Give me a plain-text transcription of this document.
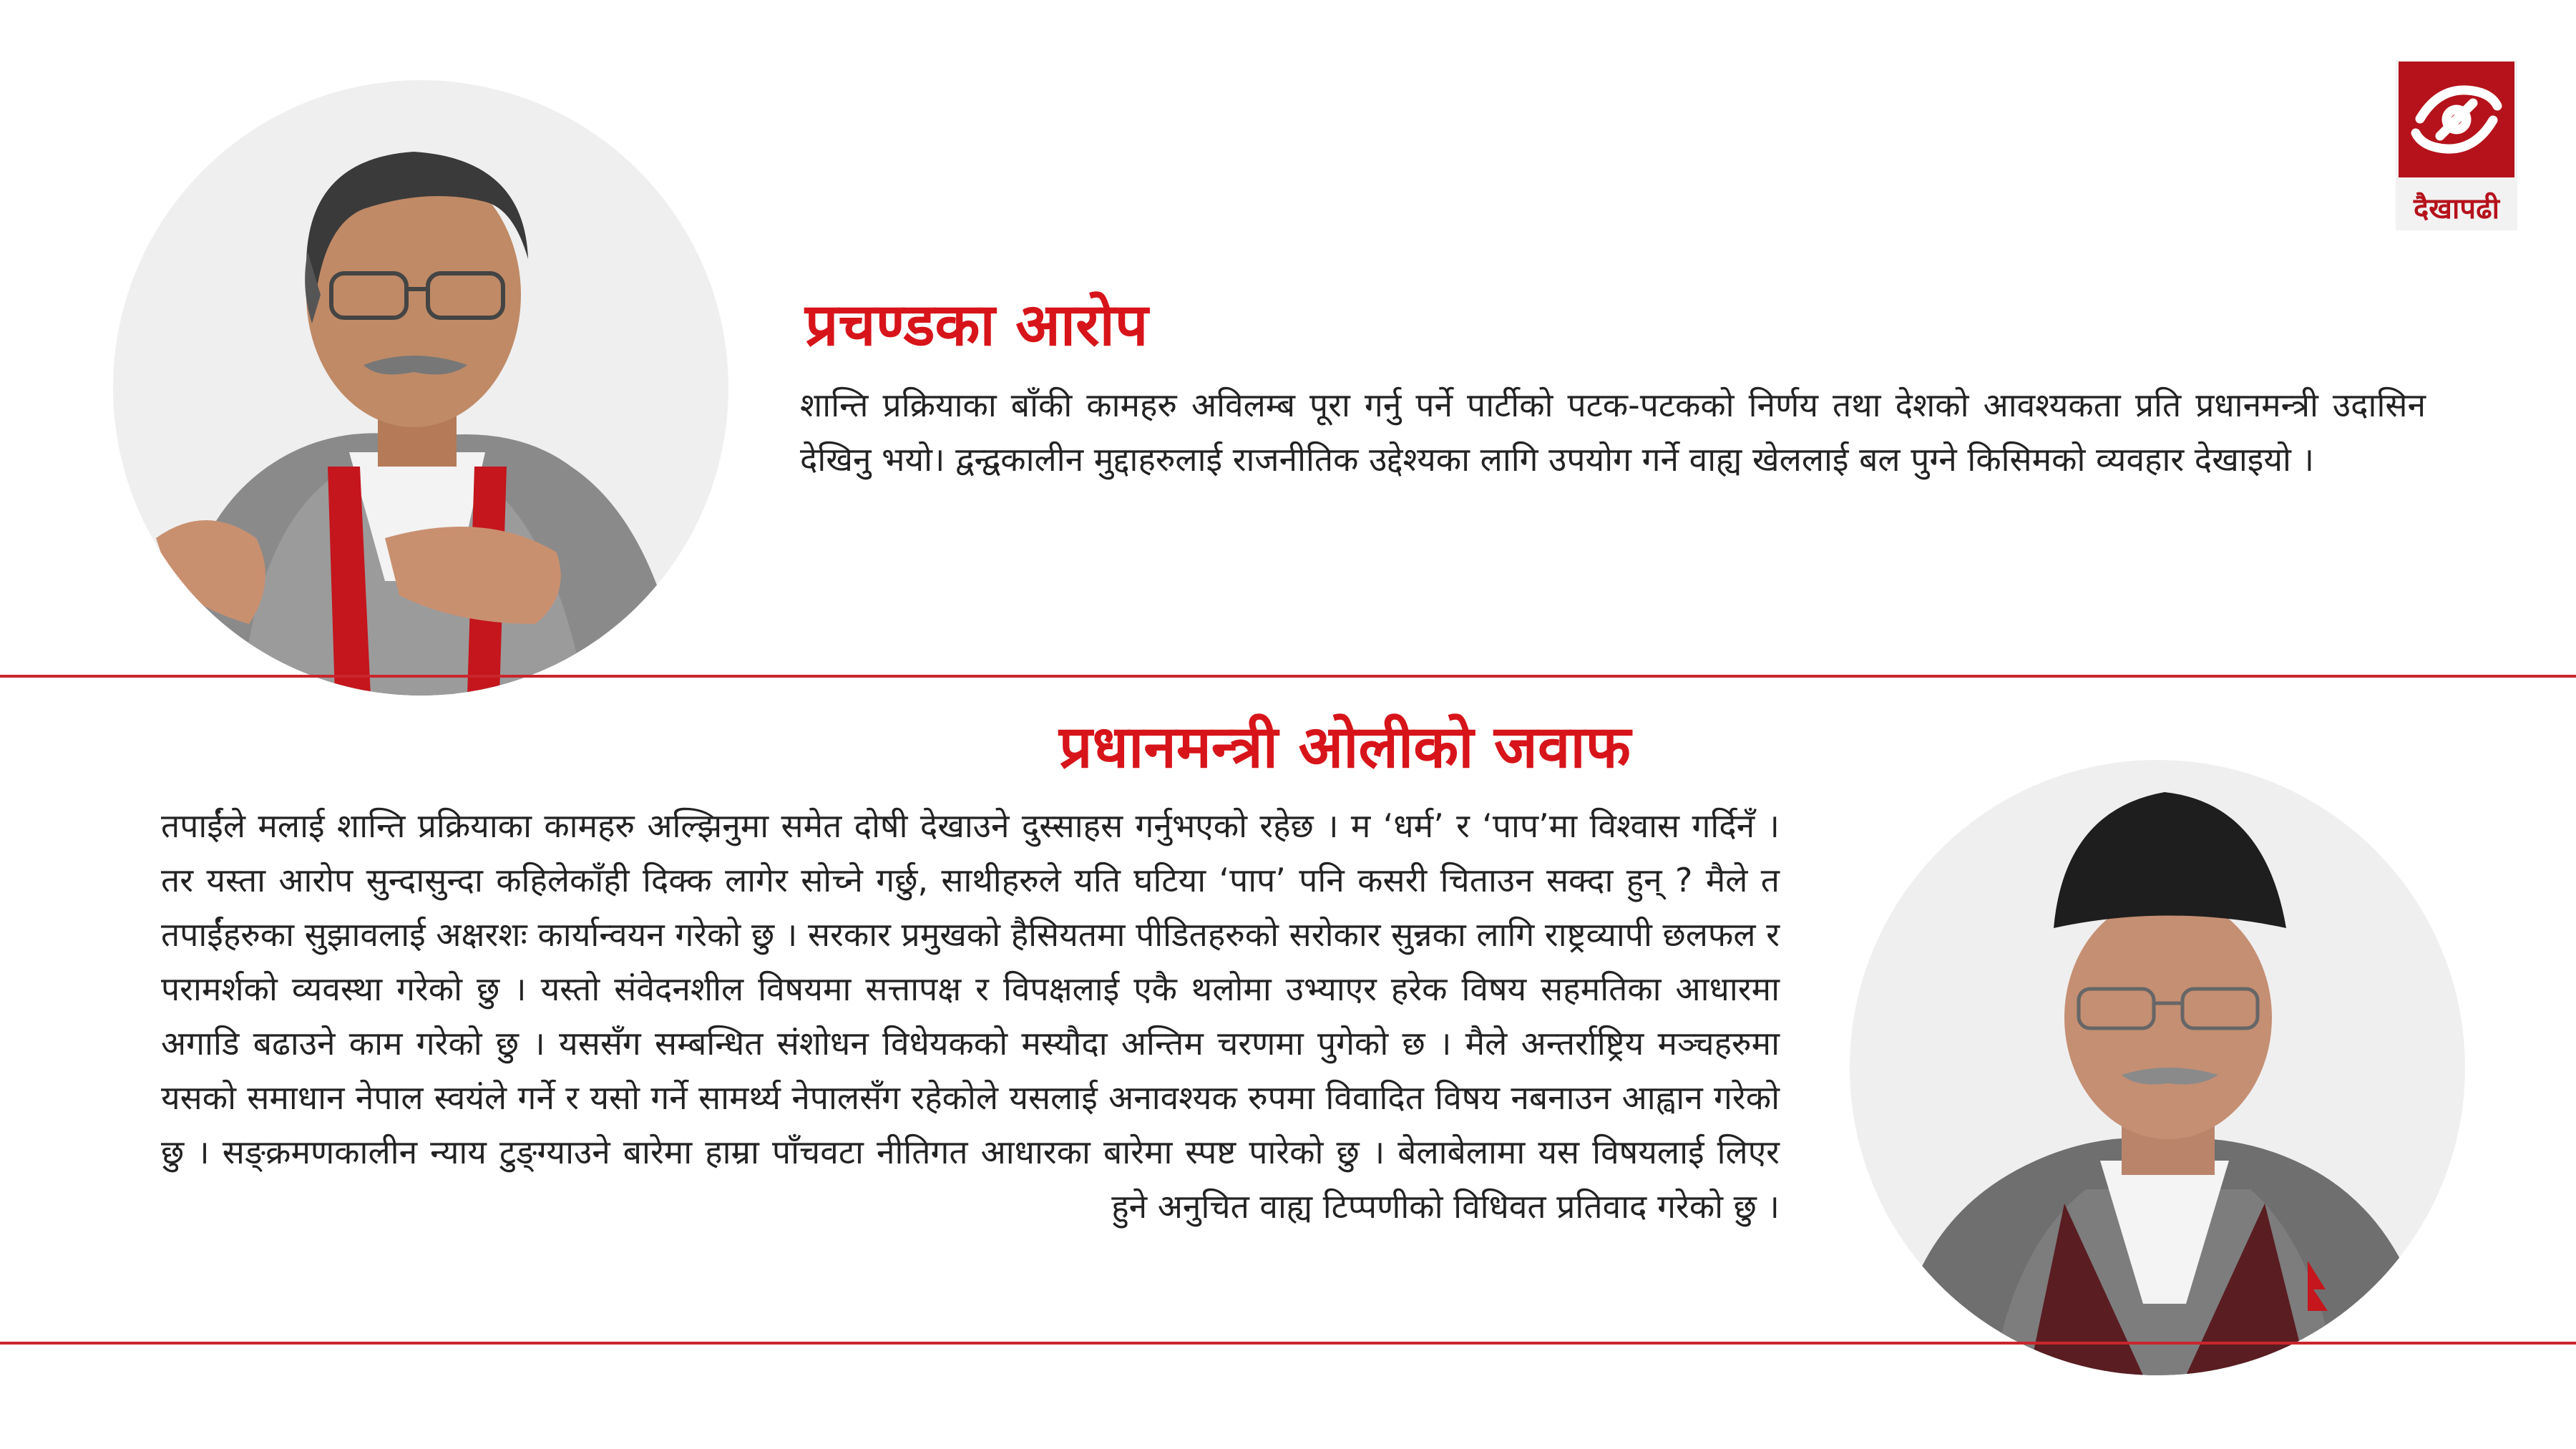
दैखापढी
प्रचण्डका आरोप
शान्ति प्रक्रियाका बाँकी कामहरु अविलम्ब पूरा गर्नु पर्ने पार्टीको पटक-पटकको निर्णय तथा देशको आवश्यकता प्रति प्रधानमन्त्री उदासिन देखिनु भयो। द्वन्द्वकालीन मुद्दाहरुलाई राजनीतिक उद्देश्यका लागि उपयोग गर्ने वाह्य खेललाई बल पुग्ने किसिमको व्यवहार देखाइयो ।
प्रधानमन्त्री ओलीको जवाफ
तपाईंले मलाई शान्ति प्रक्रियाका कामहरु अल्झिनुमा समेत दोषी देखाउने दुस्साहस गर्नुभएको रहेछ । म ‘धर्म’ र ‘पाप’मा विश्वास गर्दिनँ । तर यस्ता आरोप सुन्दासुन्दा कहिलेकाँही दिक्क लागेर सोच्ने गर्छु, साथीहरुले यति घटिया ‘पाप’ पनि कसरी चिताउन सक्दा हुन् ? मैले त तपाईंहरुका सुझावलाई अक्षरशः कार्यान्वयन गरेको छु । सरकार प्रमुखको हैसियतमा पीडितहरुको सरोकार सुन्नका लागि राष्ट्रव्यापी छलफल र परामर्शको व्यवस्था गरेको छु । यस्तो संवेदनशील विषयमा सत्तापक्ष र विपक्षलाई एकै थलोमा उभ्याएर हरेक विषय सहमतिका आधारमा अगाडि बढाउने काम गरेको छु । यससँग सम्बन्धित संशोधन विधेयकको मस्यौदा अन्तिम चरणमा पुगेको छ । मैले अन्तर्राष्ट्रिय मञ्चहरुमा यसको समाधान नेपाल स्वयंले गर्ने र यसो गर्ने सामर्थ्य नेपालसँग रहेकोले यसलाई अनावश्यक रुपमा विवादित विषय नबनाउन आह्वान गरेको छु । सङ्क्रमणकालीन न्याय टुङ्ग्याउने बारेमा हाम्रा पाँचवटा नीतिगत आधारका बारेमा स्पष्ट पारेको छु । बेलाबेलामा यस विषयलाई लिएर हुने अनुचित वाह्य टिप्पणीको विधिवत प्रतिवाद गरेको छु ।
